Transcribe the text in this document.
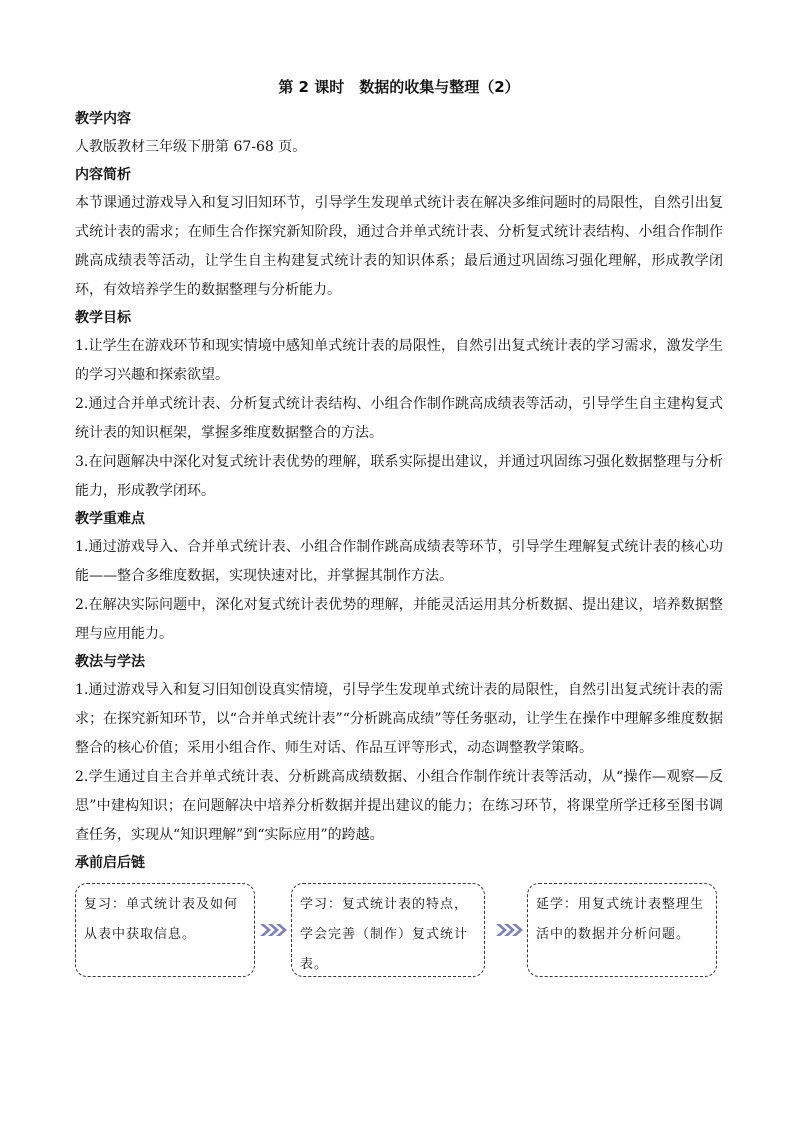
第 2 课时　数据的收集与整理（2）
教学内容
人教版教材三年级下册第 67-68 页。
内容简析
本节课通过游戏导入和复习旧知环节，引导学生发现单式统计表在解决多维问题时的局限性，自然引出复式统计表的需求；在师生合作探究新知阶段，通过合并单式统计表、分析复式统计表结构、小组合作制作跳高成绩表等活动，让学生自主构建复式统计表的知识体系；最后通过巩固练习强化理解，形成教学闭环，有效培养学生的数据整理与分析能力。
教学目标
1.让学生在游戏环节和现实情境中感知单式统计表的局限性，自然引出复式统计表的学习需求，激发学生的学习兴趣和探索欲望。
2.通过合并单式统计表、分析复式统计表结构、小组合作制作跳高成绩表等活动，引导学生自主建构复式统计表的知识框架，掌握多维度数据整合的方法。
3.在问题解决中深化对复式统计表优势的理解，联系实际提出建议，并通过巩固练习强化数据整理与分析能力，形成教学闭环。
教学重难点
1.通过游戏导入、合并单式统计表、小组合作制作跳高成绩表等环节，引导学生理解复式统计表的核心功能——整合多维度数据，实现快速对比，并掌握其制作方法。
2.在解决实际问题中，深化对复式统计表优势的理解，并能灵活运用其分析数据、提出建议，培养数据整理与应用能力。
教法与学法
1.通过游戏导入和复习旧知创设真实情境，引导学生发现单式统计表的局限性，自然引出复式统计表的需求；在探究新知环节，以“合并单式统计表”“分析跳高成绩”等任务驱动，让学生在操作中理解多维度数据整合的核心价值；采用小组合作、师生对话、作品互评等形式，动态调整教学策略。
2.学生通过自主合并单式统计表、分析跳高成绩数据、小组合作制作统计表等活动，从“操作—观察—反思”中建构知识；在问题解决中培养分析数据并提出建议的能力；在练习环节，将课堂所学迁移至图书调查任务，实现从“知识理解”到“实际应用”的跨越。
承前启后链
复习：单式统计表及如何从表中获取信息。
学习：复式统计表的特点，学会完善（制作）复式统计表。
延学：用复式统计表整理生活中的数据并分析问题。
